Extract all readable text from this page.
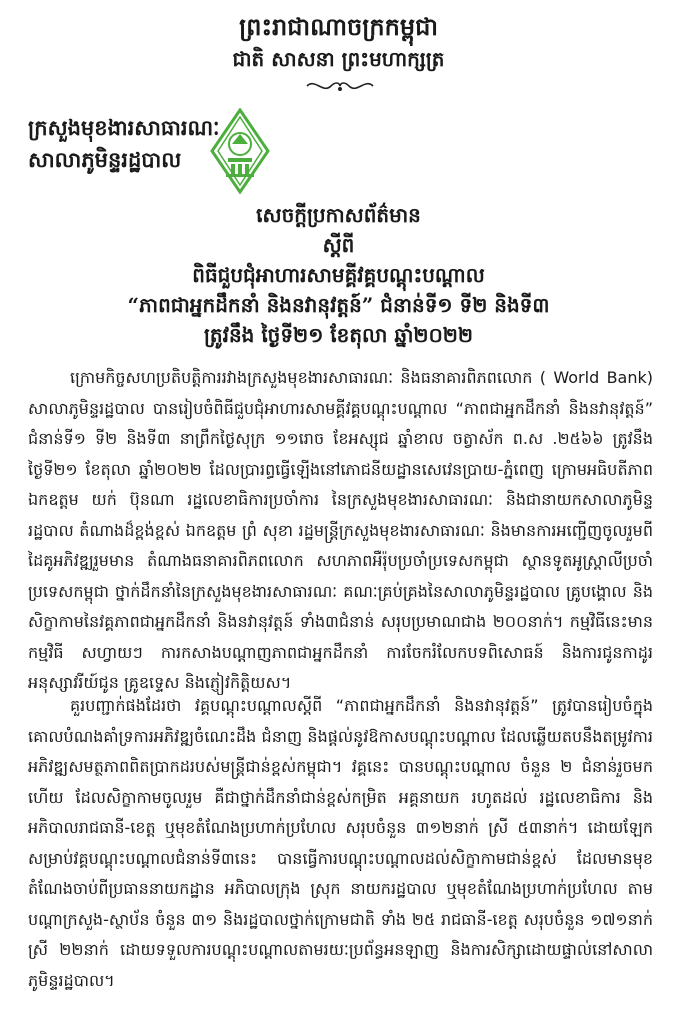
ព្រះរាជាណាចក្រកម្ពុជា
ជាតិ សាសនា ព្រះមហាក្សត្រ
ក្រសួងមុខងារសាធារណៈ
សាលាភូមិន្ទរដ្ឋបាល
សេចក្តីប្រកាសព័ត៌មាន
ស្តីពី
ពិធីជួបជុំអាហារសាមគ្គីវគ្គបណ្តុះបណ្តាល
“ភាពជាអ្នកដឹកនាំ និងនវានុវត្តន៍” ជំនាន់ទី១ ទី២ និងទី៣
ត្រូវនឹង ថ្ងៃទី២១ ខែតុលា ឆ្នាំ២០២២

ក្រោមកិច្ចសហប្រតិបត្តិការរវាងក្រសួងមុខងារសាធារណៈ និងធនាគារពិភពលោក ( World Bank) សាលាភូមិន្ទរដ្ឋបាល បានរៀបចំពិធីជួបជុំអាហារសាមគ្គីវគ្គបណ្តុះបណ្តាល “ភាពជាអ្នកដឹកនាំ និងនវានុវត្តន៍” ជំនាន់ទី១ ទី២ និងទី៣ នាព្រឹកថ្ងៃសុក្រ ១១រោច ខែអស្សុជ ឆ្នាំខាល ចត្វាស័ក ព.ស .២៥៦៦ ត្រូវនឹងថ្ងៃទី២១ ខែតុលា ឆ្នាំ២០២២ ដែលប្រារព្ធធ្វើឡើងនៅភោជនីយដ្ឋានសេវេនប្រាយ-ភ្នំពេញ ក្រោមអធិបតីភាព ឯកឧត្តម យក់ ប៊ុនណា រដ្ឋលេខាធិការប្រចាំការ នៃក្រសួងមុខងារសាធារណៈ និងជានាយកសាលាភូមិន្ទរដ្ឋបាល តំណាងដ៏ខ្ពង់ខ្ពស់ ឯកឧត្តម ព្រំ សុខា រដ្ឋមន្ត្រីក្រសួងមុខងារសាធារណៈ និងមានការអញ្ជើញចូលរួមពីដៃគូអភិវឌ្ឍរួមមាន តំណាងធនាគារពិភពលោក សហភាពអឺរ៉ុបប្រចាំប្រទេសកម្ពុជា ស្ថានទូតអូស្ត្រាលីប្រចាំប្រទេសកម្ពុជា ថ្នាក់ដឹកនាំនៃក្រសួងមុខងារសាធារណៈ គណៈគ្រប់គ្រងនៃសាលាភូមិន្ទរដ្ឋបាល គ្រូបង្គោល និងសិក្ខាកាមនៃវគ្គភាពជាអ្នកដឹកនាំ និងនវានុវត្តន៍ ទាំង៣ជំនាន់ សរុបប្រមាណជាង ២០០នាក់។ កម្មវិធីនេះមានកម្មវិធី សហ្វាយៗ ការកសាងបណ្តាញភាពជាអ្នកដឹកនាំ ការចែករំលែកបទពិសោធន៍ និងការជូនកាដូរអនុស្សាវរីយ៍ជូន គ្រូឧទ្ទេស និងភ្ញៀវកិត្តិយស។

គួរបញ្ជាក់ផងដែរថា វគ្គបណ្តុះបណ្តាលស្តីពី “ភាពជាអ្នកដឹកនាំ និងនវានុវត្តន៍” ត្រូវបានរៀបចំក្នុងគោលបំណងគាំទ្រការអភិវឌ្ឍចំណេះដឹង ជំនាញ និងផ្តល់នូវឱកាសបណ្តុះបណ្តាល ដែលឆ្លើយតបនឹងតម្រូវការអភិវឌ្ឍសមត្ថភាពពិតប្រាកដរបស់មន្ត្រីជាន់ខ្ពស់កម្ពុជា។ វគ្គនេះ បានបណ្តុះបណ្តាល ចំនួន ២ ជំនាន់រួចមកហើយ ដែលសិក្ខាកាមចូលរួម គឺជាថ្នាក់ដឹកនាំជាន់ខ្ពស់កម្រិត អគ្គនាយក រហូតដល់ រដ្ឋលេខាធិការ និងអភិបាលរាជធានី-ខេត្ត ឬមុខតំណែងប្រហាក់ប្រហែល សរុបចំនួន ៣១២នាក់ ស្រី ៥៣នាក់។ ដោយឡែក សម្រាប់វគ្គបណ្តុះបណ្តាលជំនាន់ទី៣នេះ បានធ្វើការបណ្តុះបណ្តាលដល់សិក្ខាកាមជាន់ខ្ពស់ ដែលមានមុខតំណែងចាប់ពីប្រធាននាយកដ្ឋាន អភិបាលក្រុង ស្រុក នាយករដ្ឋបាល ឬមុខតំណែងប្រហាក់ប្រហែល តាមបណ្តាក្រសួង-ស្ថាប័ន ចំនួន ៣១ និងរដ្ឋបាលថ្នាក់ក្រោមជាតិ ទាំង ២៥ រាជធានី-ខេត្ត សរុបចំនួន ១៧១នាក់ ស្រី ២២នាក់ ដោយទទួលការបណ្តុះបណ្តាលតាមរយៈប្រព័ន្ធអនឡាញ និងការសិក្សាដោយផ្ទាល់នៅសាលាភូមិន្ទរដ្ឋបាល។
